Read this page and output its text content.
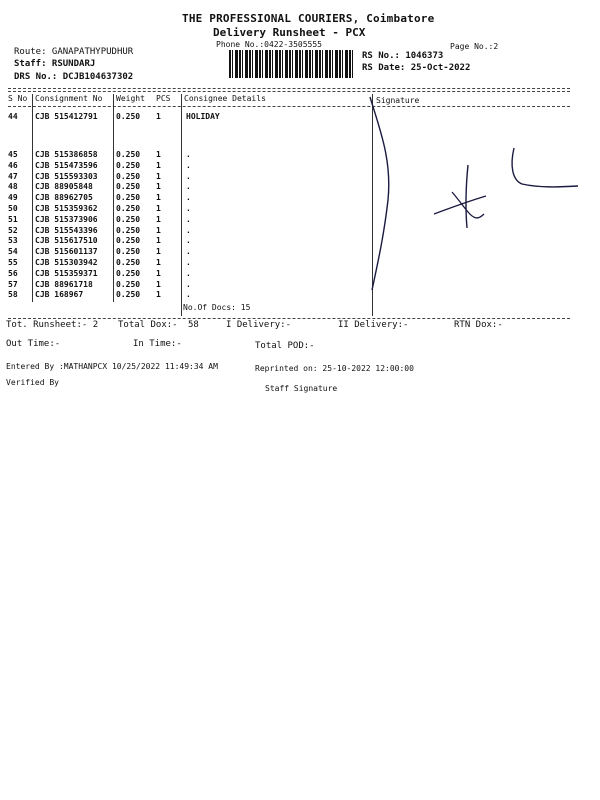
THE PROFESSIONAL COURIERS, Coimbatore
Delivery Runsheet - PCX
Phone No.:0422-3505555	Page No.:2
Route: GANAPATHYPUDHUR
Staff: RSUNDARJ
DRS No.: DCJB104637302
RS No.: 1046373
RS Date: 25-Oct-2022
S No Consignment No Weight PCS Consignee Details	Signature
44 CJB 515412791 0.250 1	HOLIDAY
45 CJB 515386858 0.250 1	.
46 CJB 515473596 0.250 1	.
47 CJB 515593303 0.250 1	.
48 CJB 88905848	0.250 1	.
49 CJB 88962705	0.250 1	.
50 CJB 515359362 0.250 1	.
51 CJB 515373906 0.250 1	.
52 CJB 515543396 0.250 1	.
53 CJB 515617510 0.250 1	.
54 CJB 515601137 0.250 1	.
55 CJB 515303942 0.250 1	.
56 CJB 515359371 0.250 1	.
57 CJB 88961718	0.250 1	.
58 CJB 168967	0.250 1	.
No.Of Docs: 15
Tot. Runsheet:- 2 Total Dox:- 58	I Delivery:-	II Delivery:-	RTN Dox:-
Out Time:-	In Time:-	Total POD:-
Entered By :MATHANPCX 10/25/2022 11:49:34 AM	Reprinted on: 25-10-2022 12:00:00
Verified By
Staff Signature
